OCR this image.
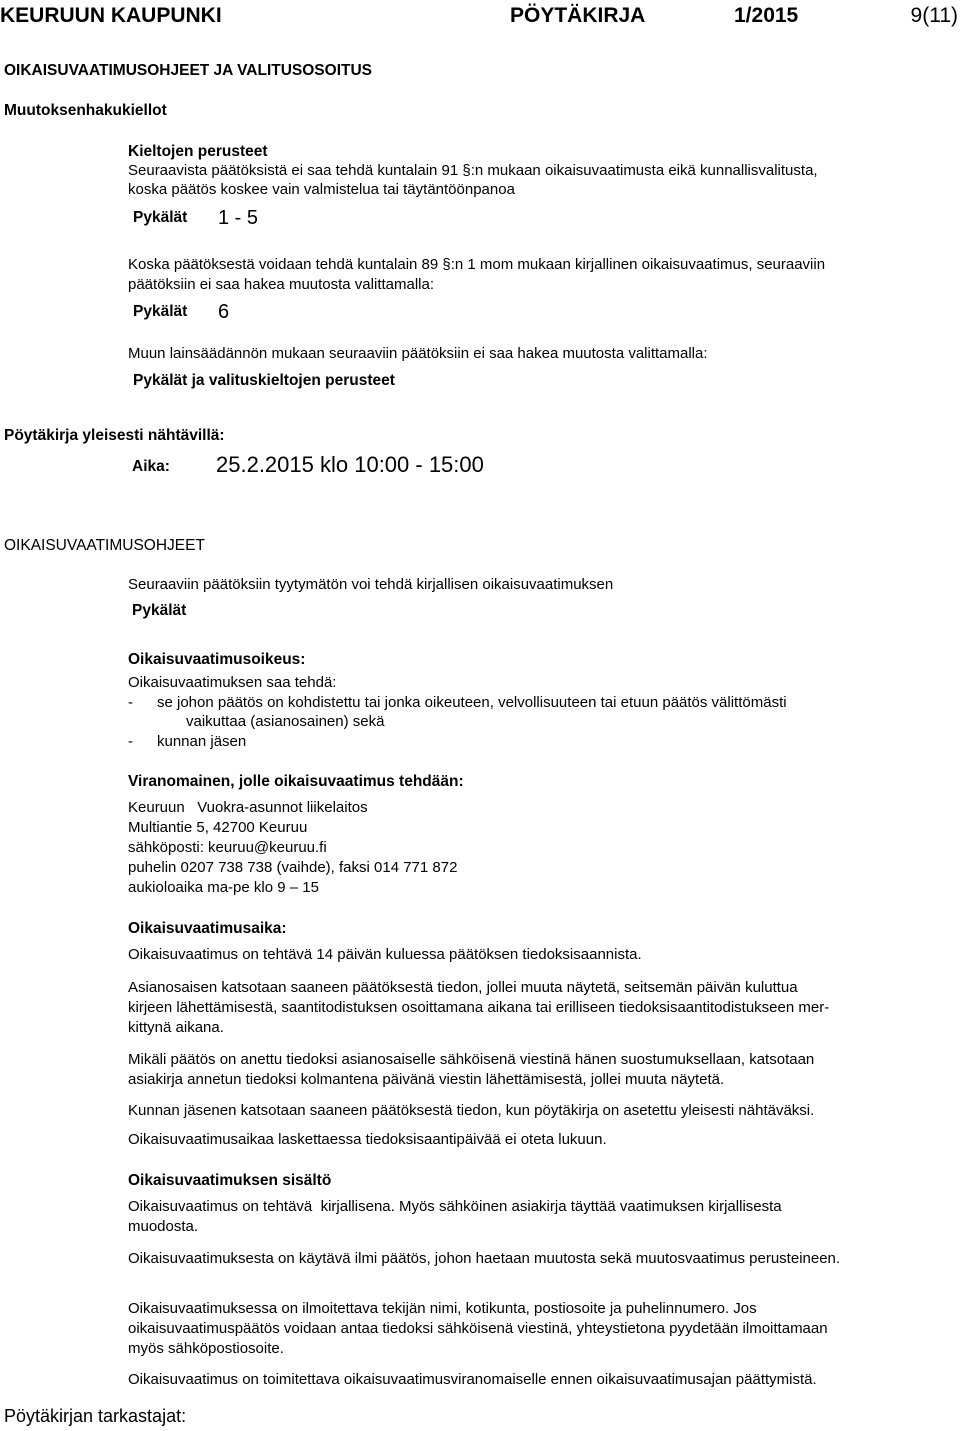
KEURUUN KAUPUNKI	PÖYTÄKIRJA	1/2015	9(11)
OIKAISUVAATIMUSOHJEET JA VALITUSOSOITUS
Muutoksenhakukiellot
Kieltojen perusteet
Seuraavista päätöksistä ei saa tehdä kuntalain 91 §:n mukaan oikaisuvaatimusta eikä kunnallisvalitusta,
koska päätös koskee vain valmistelua tai täytäntöönpanoa
Pykälät 1 - 5
Koska päätöksestä voidaan tehdä kuntalain 89 §:n 1 mom mukaan kirjallinen oikaisuvaatimus, seuraaviin
päätöksiin ei saa hakea muutosta valittamalla:
Pykälät 6
Muun lainsäädännön mukaan seuraaviin päätöksiin ei saa hakea muutosta valittamalla:
Pykälät ja valituskieltojen perusteet
Pöytäkirja yleisesti nähtävillä:
Aika: 25.2.2015 klo 10:00 - 15:00
OIKAISUVAATIMUSOHJEET
Seuraaviin päätöksiin tyytymätön voi tehdä kirjallisen oikaisuvaatimuksen
Pykälät
Oikaisuvaatimusoikeus:
Oikaisuvaatimuksen saa tehdä:
- se johon päätös on kohdistettu tai jonka oikeuteen, velvollisuuteen tai etuun päätös välittömästi
vaikuttaa (asianosainen) sekä
- kunnan jäsen
Viranomainen, jolle oikaisuvaatimus tehdään:
Keuruun   Vuokra-asunnot liikelaitos
Multiantie 5, 42700 Keuruu
sähköposti: keuruu@keuruu.fi
puhelin 0207 738 738 (vaihde), faksi 014 771 872
aukioloaika ma-pe klo 9 – 15
Oikaisuvaatimusaika:
Oikaisuvaatimus on tehtävä 14 päivän kuluessa päätöksen tiedoksisaannista.
Asianosaisen katsotaan saaneen päätöksestä tiedon, jollei muuta näytetä, seitsemän päivän kuluttua
kirjeen lähettämisestä, saantitodistuksen osoittamana aikana tai erilliseen tiedoksisaantitodistukseen mer-
kittynä aikana.
Mikäli päätös on anettu tiedoksi asianosaiselle sähköisenä viestinä hänen suostumuksellaan, katsotaan
asiakirja annetun tiedoksi kolmantena päivänä viestin lähettämisestä, jollei muuta näytetä.
Kunnan jäsenen katsotaan saaneen päätöksestä tiedon, kun pöytäkirja on asetettu yleisesti nähtäväksi.
Oikaisuvaatimusaikaa laskettaessa tiedoksisaantipäivää ei oteta lukuun.
Oikaisuvaatimuksen sisältö
Oikaisuvaatimus on tehtävä  kirjallisena. Myös sähköinen asiakirja täyttää vaatimuksen kirjallisesta
muodosta.
Oikaisuvaatimuksesta on käytävä ilmi päätös, johon haetaan muutosta sekä muutosvaatimus perusteineen.
Oikaisuvaatimuksessa on ilmoitettava tekijän nimi, kotikunta, postiosoite ja puhelinnumero. Jos
oikaisuvaatimuspäätös voidaan antaa tiedoksi sähköisenä viestinä, yhteystietona pyydetään ilmoittamaan
myös sähköpostiosoite.
Oikaisuvaatimus on toimitettava oikaisuvaatimusviranomaiselle ennen oikaisuvaatimusajan päättymistä.
Pöytäkirjan tarkastajat:
